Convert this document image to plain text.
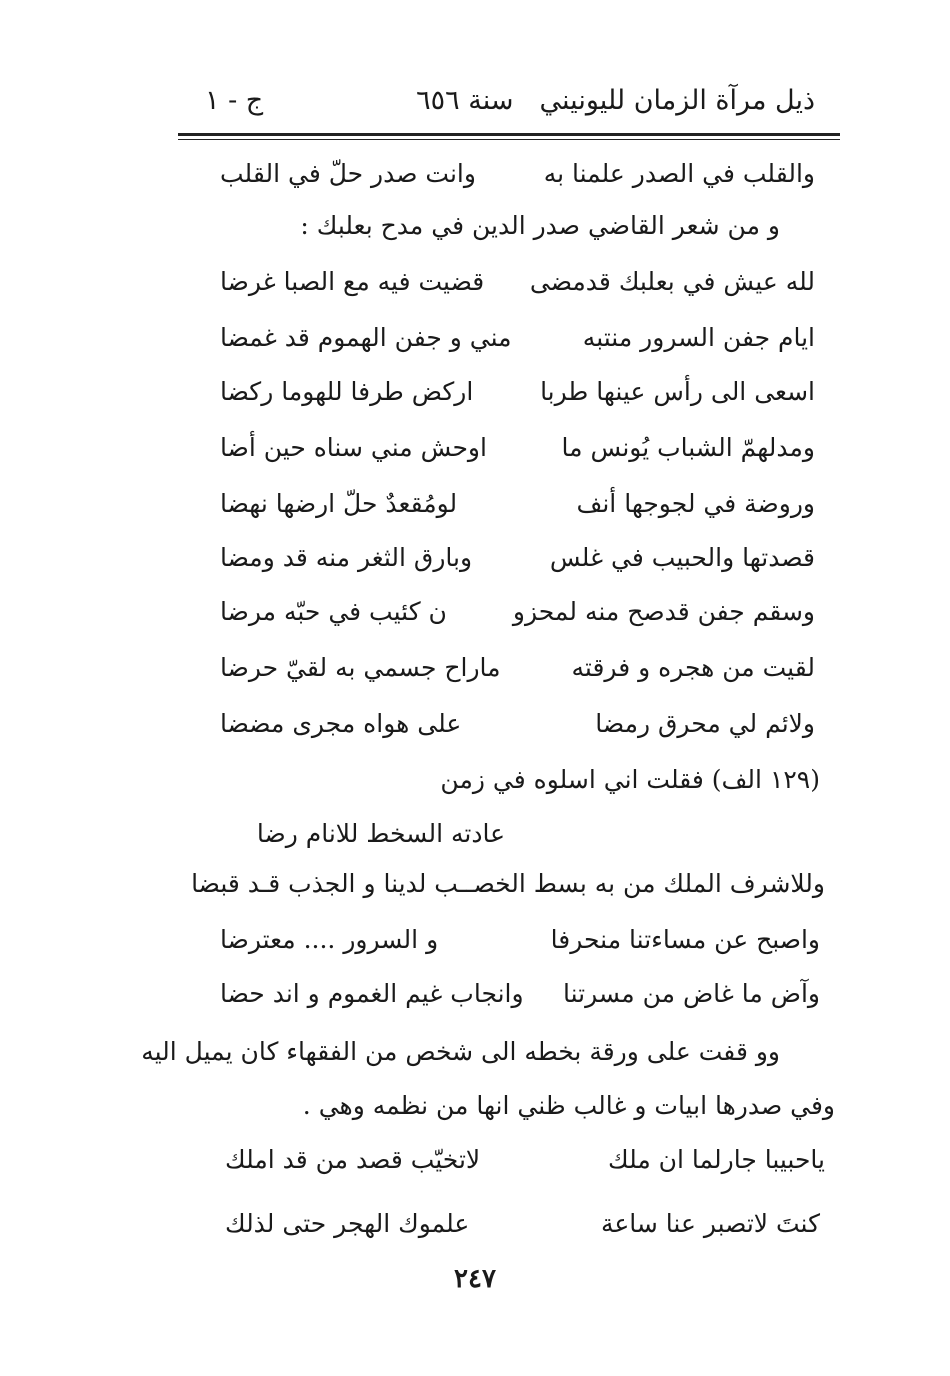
ذيل مرآة الزمان لليونيني
سنة ٦٥٦
ج - ١
والقلب في الصدر علمنا به
وانت صدر حلّ في القلب
و من شعر القاضي صدر الدين في مدح بعلبك :
لله عيش في بعلبك قدمضى
قضيت فيه مع الصبا غرضا
ايام جفن السرور منتبه
مني و جفن الهموم قد غمضا
اسعى الى رأس عينها طربا
اركض طرفا للهوما ركضا
ومدلهمّ الشباب يُونس ما
اوحش مني سناه حين أضا
وروضة في لجوجها أنف
لومُقعدٌ حلّ ارضها نهضا
قصدتها والحبيب في غلس
وبارق الثغر منه قد ومضا
وسقم جفن قدصح منه لمحزو
ن كئيب في حبّه مرضا
لقيت من هجره و فرقته
ماراح جسمي به لقيّ حرضا
ولائم لي محرق رمضا
على هواه مجرى مضضا
(١٢٩ الف) فقلت اني اسلوه في زمن
عادته السخط للانام رضا
وللاشرف الملك من به بسط الخصـ
ـب لدينا و الجذب قـد قبضا
واصبح عن مساءتنا منحرفا
و السرور .... معترضا
وآض ما غاض من مسرتنا
وانجاب غيم الغموم و اند حضا
وو قفت على ورقة بخطه الى شخص من الفقهاء كان يميل اليه
وفي صدرها ابيات و غالب ظني انها من نظمه وهي .
ياحبيبا جارلما ان ملك
لاتخيّب قصد من قد املك
كنتَ لاتصبر عنا ساعة
علموك الهجر حتى لذلك
٢٤٧
